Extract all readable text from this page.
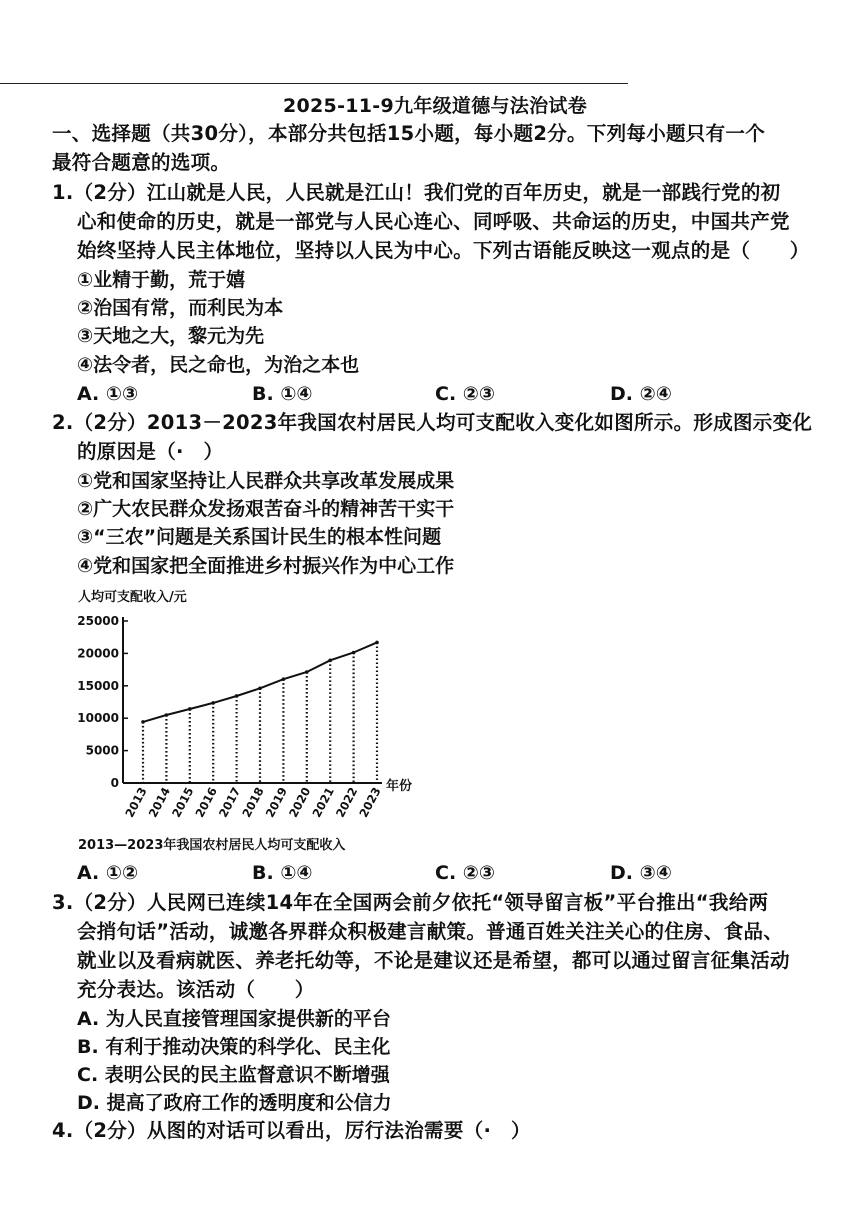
2025-11-9九年级道德与法治试卷
一、选择题（共30分），本部分共包括15小题，每小题2分。下列每小题只有一个
最符合题意的选项。
1.（2分）江山就是人民，人民就是江山！我们党的百年历史，就是一部践行党的初
心和使命的历史，就是一部党与人民心连心、同呼吸、共命运的历史，中国共产党
始终坚持人民主体地位，坚持以人民为中心。下列古语能反映这一观点的是（　　）
①业精于勤，荒于嬉
②治国有常，而利民为本
③天地之大，黎元为先
④法令者，民之命也，为治之本也
A. ①③	B. ①④	C. ②③	D. ②④
2.（2分）2013－2023年我国农村居民人均可支配收入变化如图所示。形成图示变化
的原因是（·　）
①党和国家坚持让人民群众共享改革发展成果
②广大农民群众发扬艰苦奋斗的精神苦干实干
③“三农”问题是关系国计民生的根本性问题
④党和国家把全面推进乡村振兴作为中心工作
人均可支配收入/元
0
5000
10000
15000
20000
25000
2013
2014
2015
2016
2017
2018
2019
2020
2021
2022
2023 年份
2013—2023年我国农村居民人均可支配收入
A. ①②	B. ①④	C. ②③	D. ③④
3.（2分）人民网已连续14年在全国两会前夕依托“领导留言板”平台推出“我给两
会捎句话”活动，诚邀各界群众积极建言献策。普通百姓关注关心的住房、食品、
就业以及看病就医、养老托幼等，不论是建议还是希望，都可以通过留言征集活动
充分表达。该活动（　　）
A. 为人民直接管理国家提供新的平台
B. 有利于推动决策的科学化、民主化
C. 表明公民的民主监督意识不断增强
D. 提高了政府工作的透明度和公信力
4.（2分）从图的对话可以看出，厉行法治需要（·　）
